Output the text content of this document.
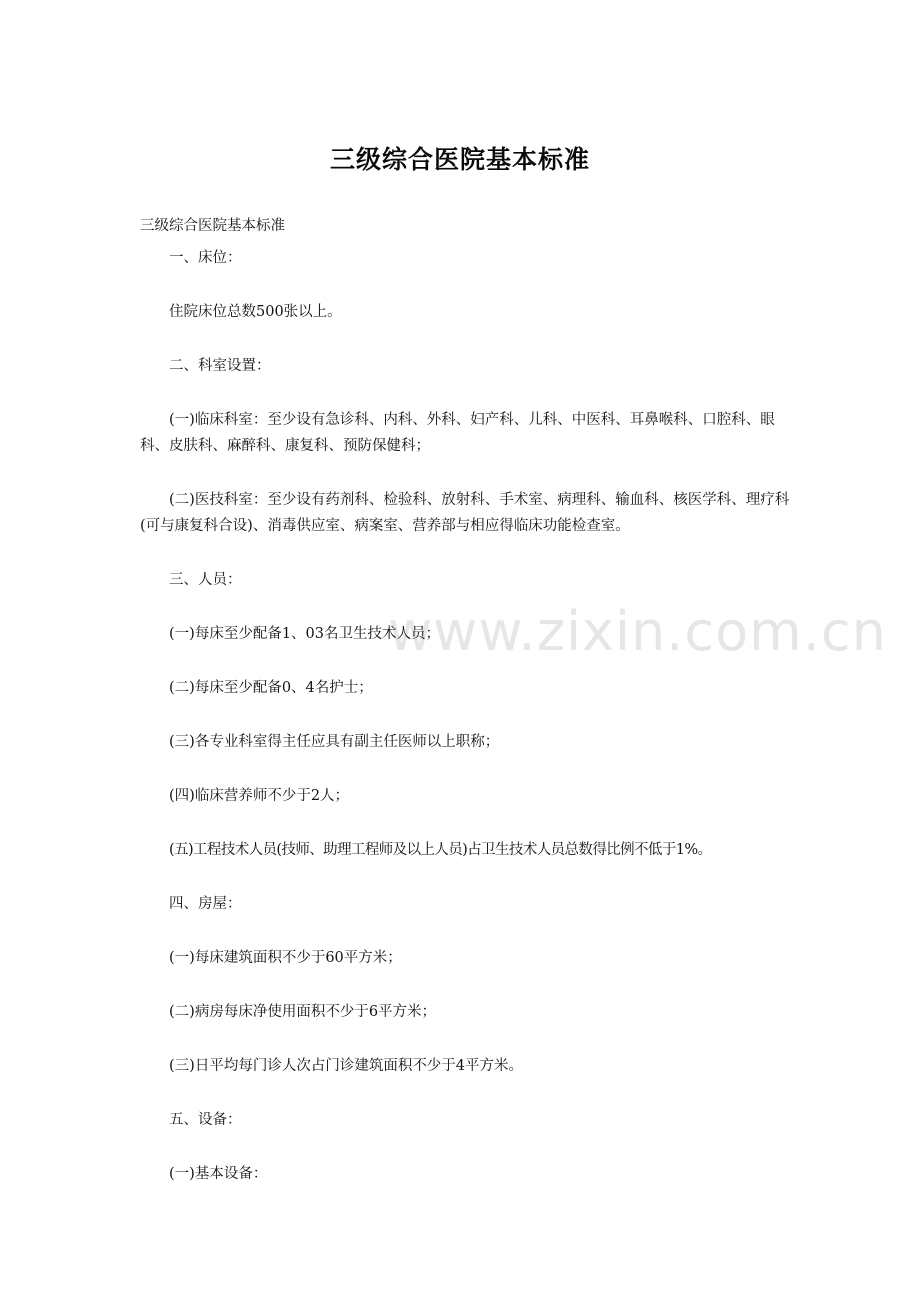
www.zixin.com.cn
三级综合医院基本标准

三级综合医院基本标准

一、床位：

住院床位总数500张以上。

二、科室设置：

(一)临床科室：至少设有急诊科、内科、外科、妇产科、儿科、中医科、耳鼻喉科、口腔科、眼科、皮肤科、麻醉科、康复科、预防保健科；

(二)医技科室：至少设有药剂科、检验科、放射科、手术室、病理科、输血科、核医学科、理疗科(可与康复科合设)、消毒供应室、病案室、营养部与相应得临床功能检查室。

三、人员：

(一)每床至少配备1、03名卫生技术人员；

(二)每床至少配备0、4名护士；

(三)各专业科室得主任应具有副主任医师以上职称；

(四)临床营养师不少于2人；

(五)工程技术人员(技师、助理工程师及以上人员)占卫生技术人员总数得比例不低于1%。

四、房屋：

(一)每床建筑面积不少于60平方米；

(二)病房每床净使用面积不少于6平方米；

(三)日平均每门诊人次占门诊建筑面积不少于4平方米。

五、设备：

(一)基本设备：
